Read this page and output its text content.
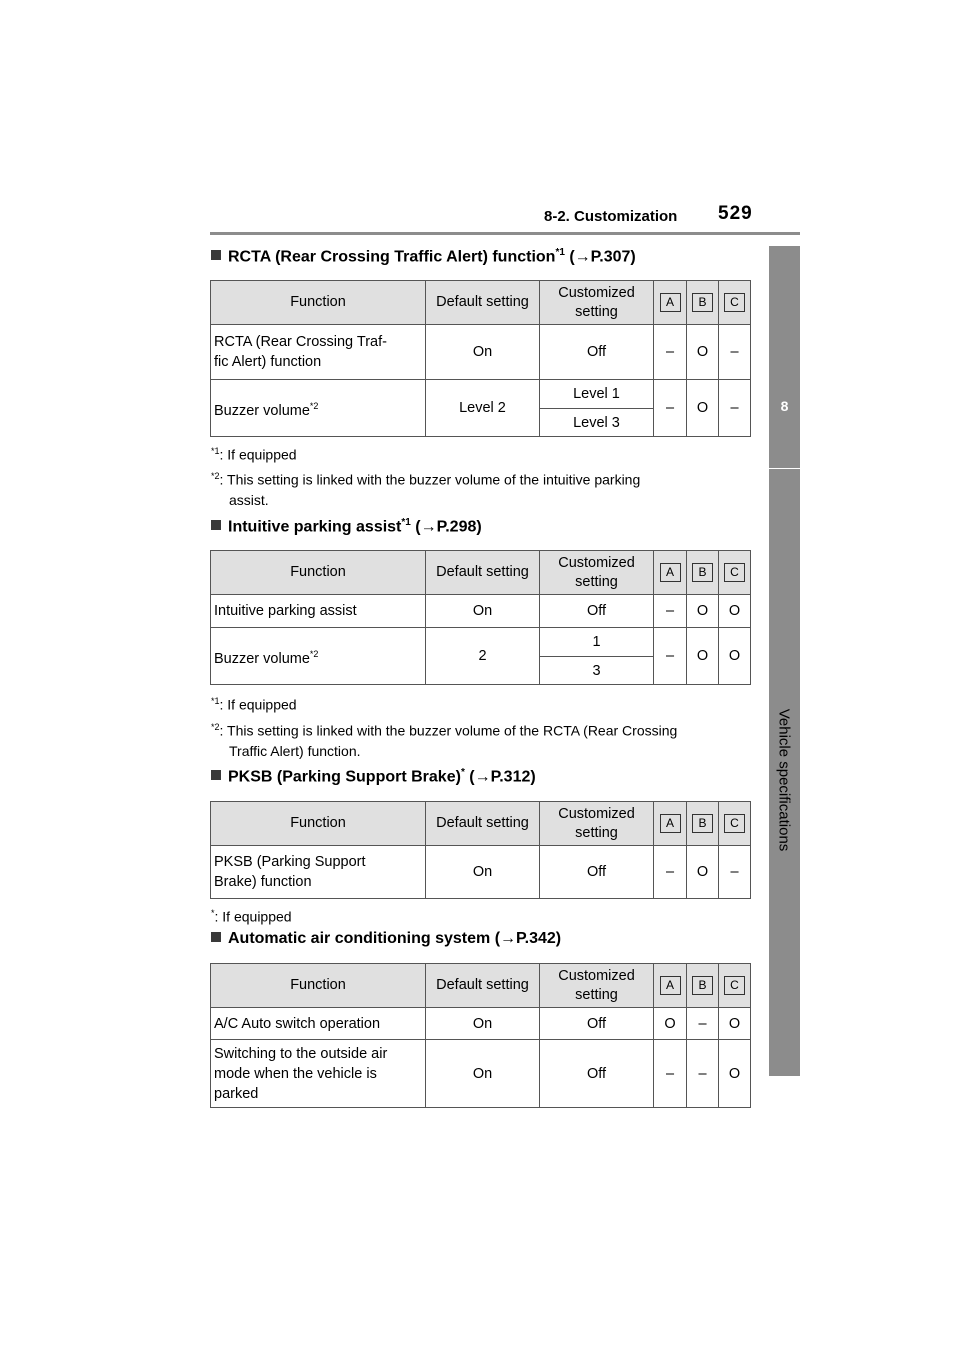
8-2. Customization 529
8
Vehicle specifications
RCTA (Rear Crossing Traffic Alert) function$^{*1}$ (→P.307)
Function	Default setting	Customized
setting	A	B	C
RCTA (Rear Crossing Traf-
fic Alert) function	On	Off	–	O	–
Buzzer volume$^{*2}$	Level 2	Level 1	–	O	–
		Level 3			
$^{*1}$: If equipped
$^{*2}$: This setting is linked with the buzzer volume of the intuitive parking
assist.
Intuitive parking assist$^{*1}$ (→P.298)
Function	Default setting	Customized
setting	A	B	C
Intuitive parking assist	On	Off	–	O	O
Buzzer volume$^{*2}$	2	1	–	O	O
		3			
$^{*1}$: If equipped
$^{*2}$: This setting is linked with the buzzer volume of the RCTA (Rear Crossing
Traffic Alert) function.
PKSB (Parking Support Brake)* (→P.312)
Function	Default setting	Customized
setting	A	B	C
PKSB (Parking Support
Brake) function	On	Off	–	O	–
*: If equipped
Automatic air conditioning system (→P.342)
Function	Default setting	Customized
setting	A	B	C
A/C Auto switch operation	On	Off	O	–	O
Switching to the outside air
mode when the vehicle is
parked	On	Off	–	–	O
